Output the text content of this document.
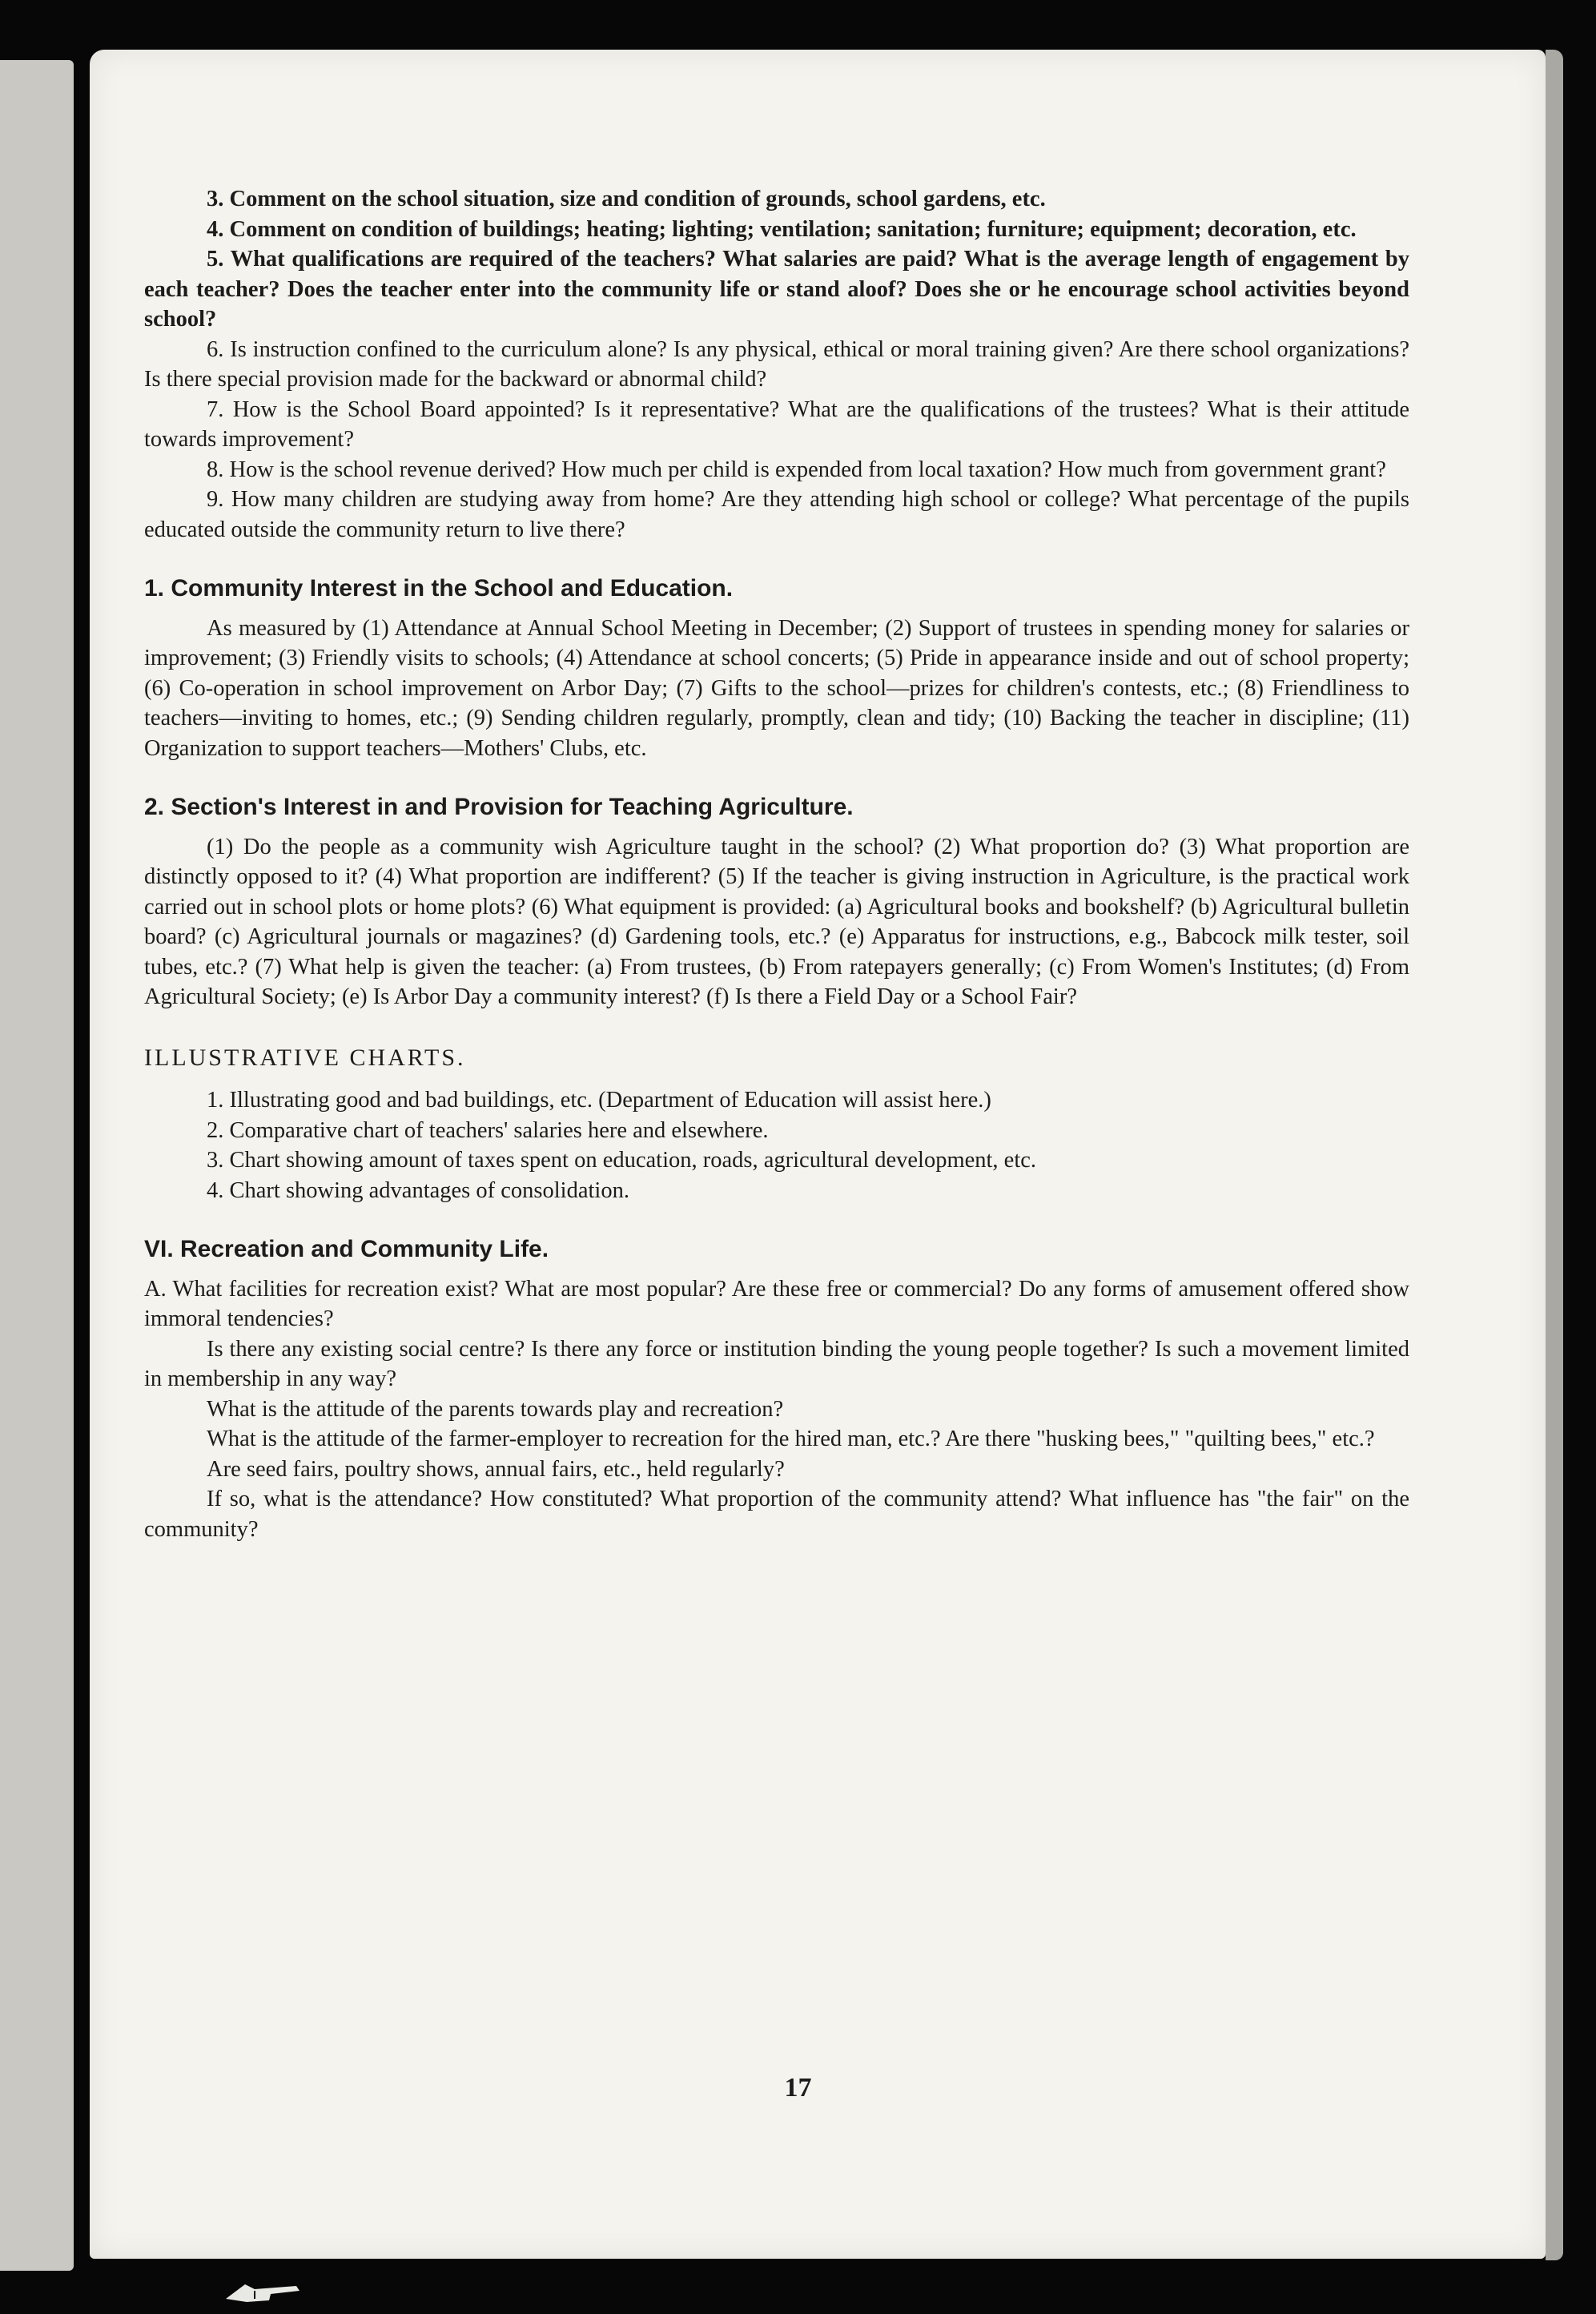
3. Comment on the school situation, size and condition of grounds, school gardens, etc.

4. Comment on condition of buildings; heating; lighting; ventilation; sanitation; furniture; equipment; decoration, etc.

5. What qualifications are required of the teachers? What salaries are paid? What is the average length of engagement by each teacher? Does the teacher enter into the community life or stand aloof? Does she or he encourage school activities beyond school?

6. Is instruction confined to the curriculum alone? Is any physical, ethical or moral training given? Are there school organizations? Is there special provision made for the backward or abnormal child?

7. How is the School Board appointed? Is it representative? What are the qualifications of the trustees? What is their attitude towards improvement?

8. How is the school revenue derived? How much per child is expended from local taxation? How much from government grant?

9. How many children are studying away from home? Are they attending high school or college? What percentage of the pupils educated outside the community return to live there?

1. Community Interest in the School and Education.

As measured by (1) Attendance at Annual School Meeting in December; (2) Support of trustees in spending money for salaries or improvement; (3) Friendly visits to schools; (4) Attendance at school concerts; (5) Pride in appearance inside and out of school property; (6) Co-operation in school improvement on Arbor Day; (7) Gifts to the school—prizes for children's contests, etc.; (8) Friendliness to teachers—inviting to homes, etc.; (9) Sending children regularly, promptly, clean and tidy; (10) Backing the teacher in discipline; (11) Organization to support teachers—Mothers' Clubs, etc.

2. Section's Interest in and Provision for Teaching Agriculture.

(1) Do the people as a community wish Agriculture taught in the school? (2) What proportion do? (3) What proportion are distinctly opposed to it? (4) What proportion are indifferent? (5) If the teacher is giving instruction in Agriculture, is the practical work carried out in school plots or home plots? (6) What equipment is provided: (a) Agricultural books and bookshelf? (b) Agricultural bulletin board? (c) Agricultural journals or magazines? (d) Gardening tools, etc.? (e) Apparatus for instructions, e.g., Babcock milk tester, soil tubes, etc.? (7) What help is given the teacher: (a) From trustees, (b) From ratepayers generally; (c) From Women's Institutes; (d) From Agricultural Society; (e) Is Arbor Day a community interest? (f) Is there a Field Day or a School Fair?

ILLUSTRATIVE CHARTS.

1. Illustrating good and bad buildings, etc. (Department of Education will assist here.)

2. Comparative chart of teachers' salaries here and elsewhere.

3. Chart showing amount of taxes spent on education, roads, agricultural development, etc.

4. Chart showing advantages of consolidation.

VI. Recreation and Community Life.

A. What facilities for recreation exist? What are most popular? Are these free or commercial? Do any forms of amusement offered show immoral tendencies?

Is there any existing social centre? Is there any force or institution binding the young people together? Is such a movement limited in membership in any way?

What is the attitude of the parents towards play and recreation?

What is the attitude of the farmer-employer to recreation for the hired man, etc.? Are there "husking bees," "quilting bees," etc.?

Are seed fairs, poultry shows, annual fairs, etc., held regularly?

If so, what is the attendance? How constituted? What proportion of the community attend? What influence has "the fair" on the community?

17
